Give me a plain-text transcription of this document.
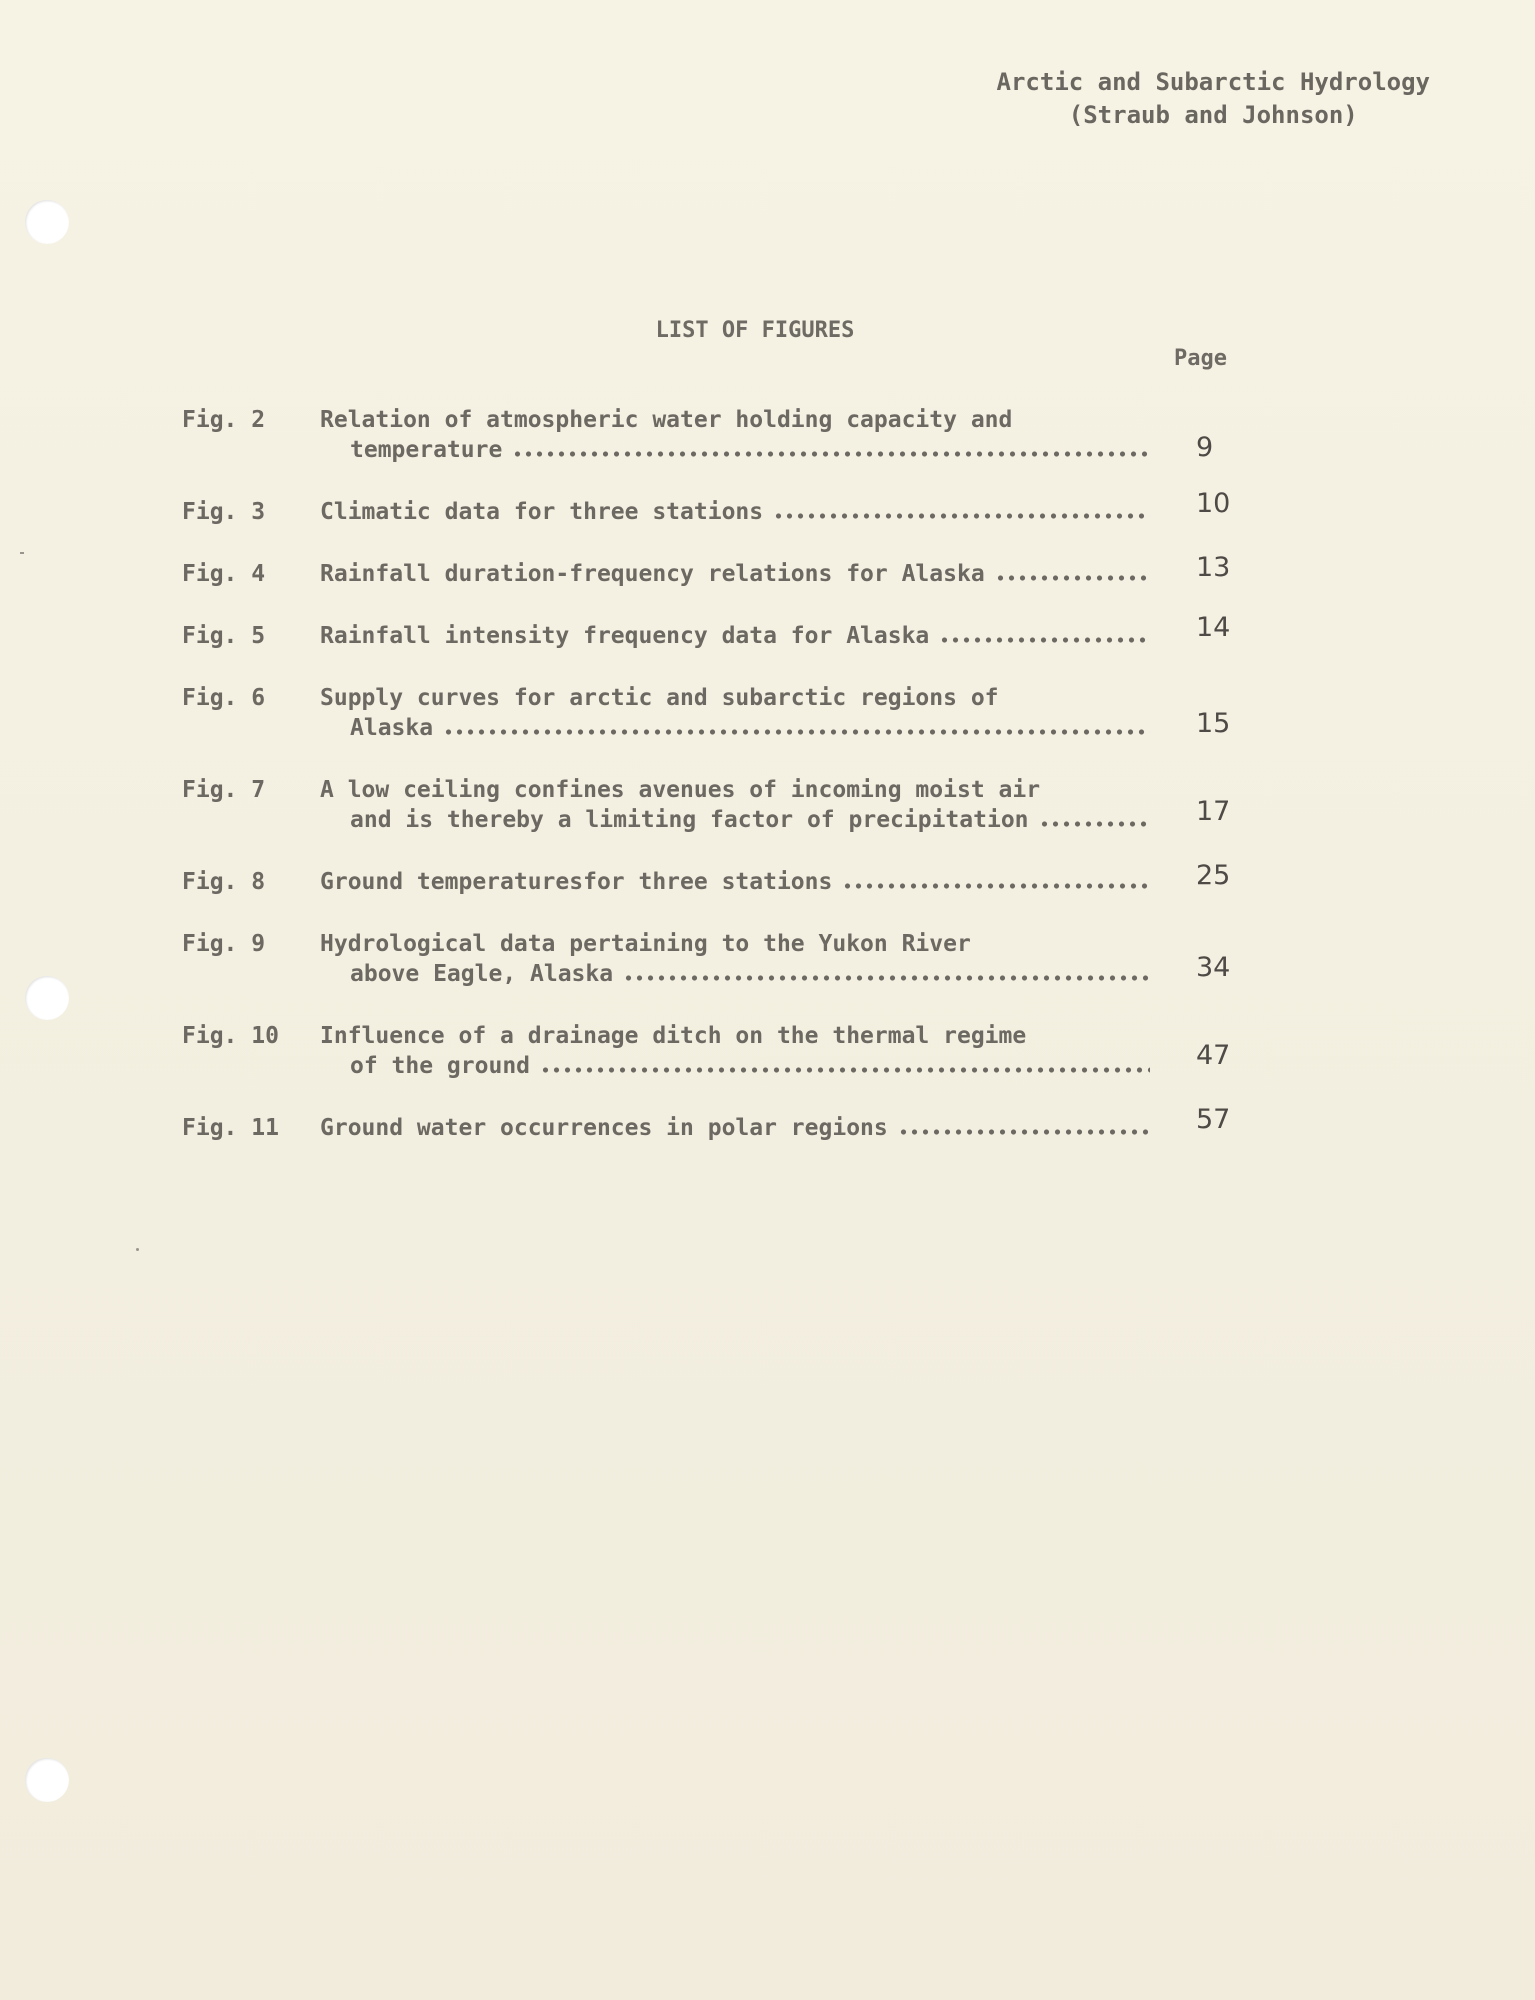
Arctic and Subarctic Hydrology
(Straub and Johnson)
LIST OF FIGURES
Page
Fig. 2	Relation of atmospheric water holding capacity and
temperature	9
Fig. 3	Climatic data for three stations	10
Fig. 4	Rainfall duration-frequency relations for Alaska	13
Fig. 5	Rainfall intensity frequency data for Alaska	14
Fig. 6	Supply curves for arctic and subarctic regions of
Alaska	15
Fig. 7	A low ceiling confines avenues of incoming moist air
and is thereby a limiting factor of precipitation	17
Fig. 8	Ground temperaturesfor three stations	25
Fig. 9	Hydrological data pertaining to the Yukon River
above Eagle, Alaska	34
Fig. 10	Influence of a drainage ditch on the thermal regime
of the ground	47
Fig. 11	Ground water occurrences in polar regions	57
